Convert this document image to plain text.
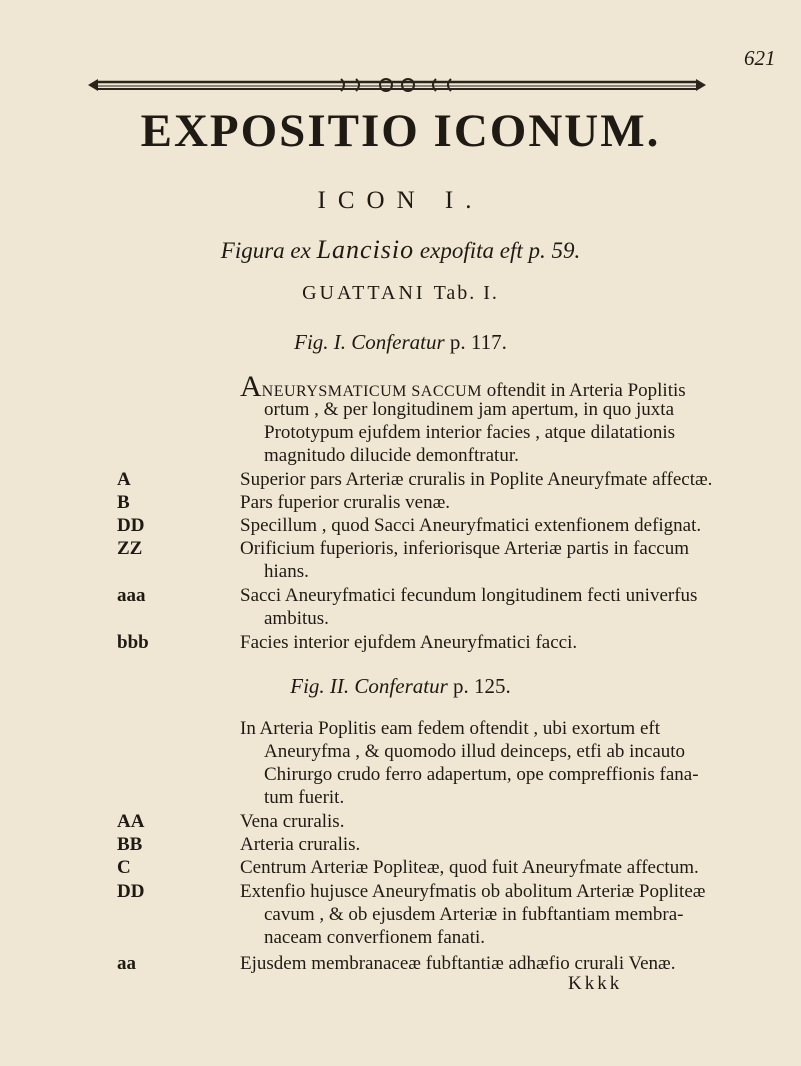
621
EXPOSITIO ICONUM.
ICON I.
Figura ex Lancisio expofita eft p. 59.
GUATTANI Tab. I.
Fig. I. Conferatur p. 117.
ANEURYSMATICUM SACCUM oftendit in Arteria Poplitis
ortum , & per longitudinem jam apertum, in quo juxta
Prototypum ejufdem interior facies , atque dilatationis
magnitudo dilucide demonftratur.
A	Superior pars Arteriæ cruralis in Poplite Aneuryfmate affectæ.
B	Pars fuperior cruralis venæ.
DD	Specillum , quod Sacci Aneuryfmatici extenfionem defignat.
ZZ	Orificium fuperioris, inferiorisque Arteriæ partis in faccum
hians.
aaa	Sacci Aneuryfmatici fecundum longitudinem fecti univerfus
ambitus.
bbb	Facies interior ejufdem Aneuryfmatici facci.
Fig. II. Conferatur p. 125.
In Arteria Poplitis eam fedem oftendit , ubi exortum eft
Aneuryfma , & quomodo illud deinceps, etfi ab incauto
Chirurgo crudo ferro adapertum, ope compreffionis fana-
tum fuerit.
AA	Vena cruralis.
BB	Arteria cruralis.
C	Centrum Arteriæ Popliteæ, quod fuit Aneuryfmate affectum.
DD	Extenfio hujusce Aneuryfmatis ob abolitum Arteriæ Popliteæ
cavum , & ob ejusdem Arteriæ in fubftantiam membra-
naceam converfionem fanati.
aa	Ejusdem membranaceæ fubftantiæ adhæfio crurali Venæ.
Kkkk
